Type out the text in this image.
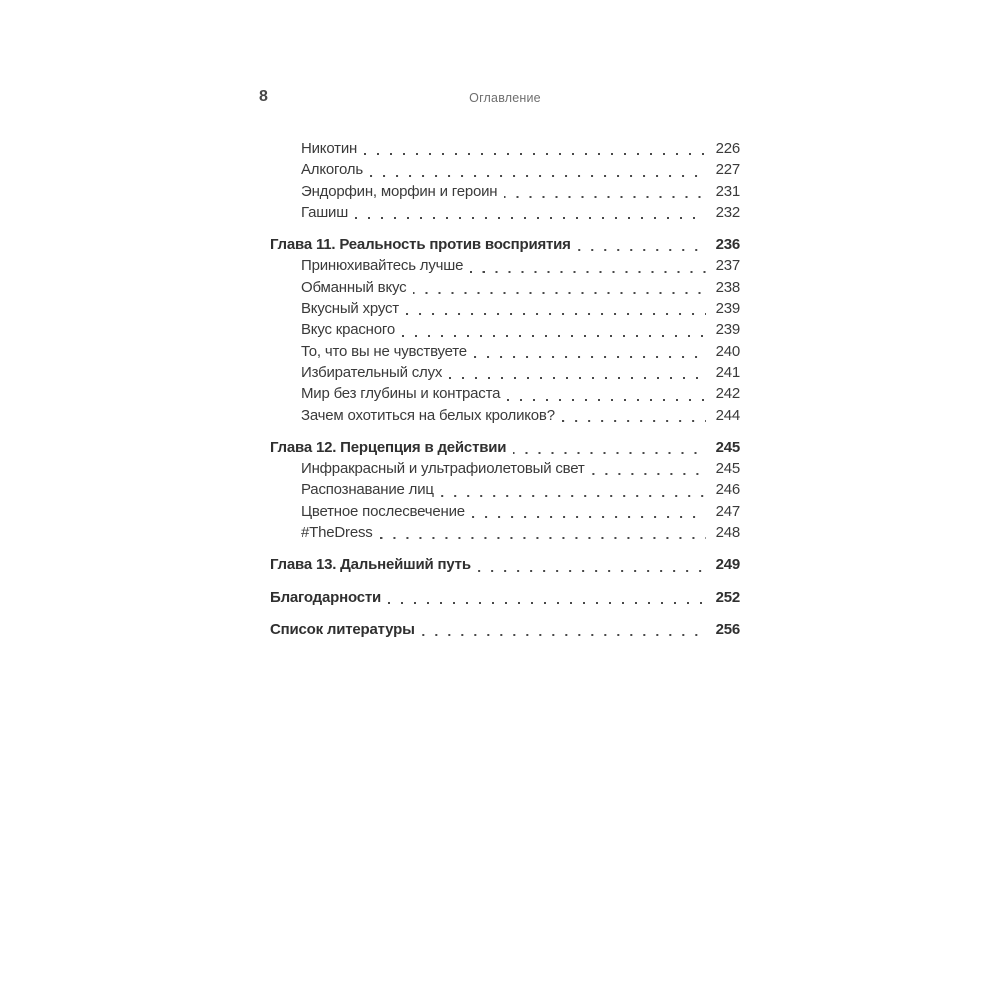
8	Оглавление
Никотин	226
Алкоголь	227
Эндорфин, морфин и героин	231
Гашиш	232
Глава 11. Реальность против восприятия	236
Принюхивайтесь лучше	237
Обманный вкус	238
Вкусный хруст	239
Вкус красного	239
То, что вы не чувствуете	240
Избирательный слух	241
Мир без глубины и контраста	242
Зачем охотиться на белых кроликов?	244
Глава 12. Перцепция в действии	245
Инфракрасный и ультрафиолетовый свет	245
Распознавание лиц	246
Цветное послесвечение	247
#TheDress	248
Глава 13. Дальнейший путь	249
Благодарности	252
Список литературы	256
